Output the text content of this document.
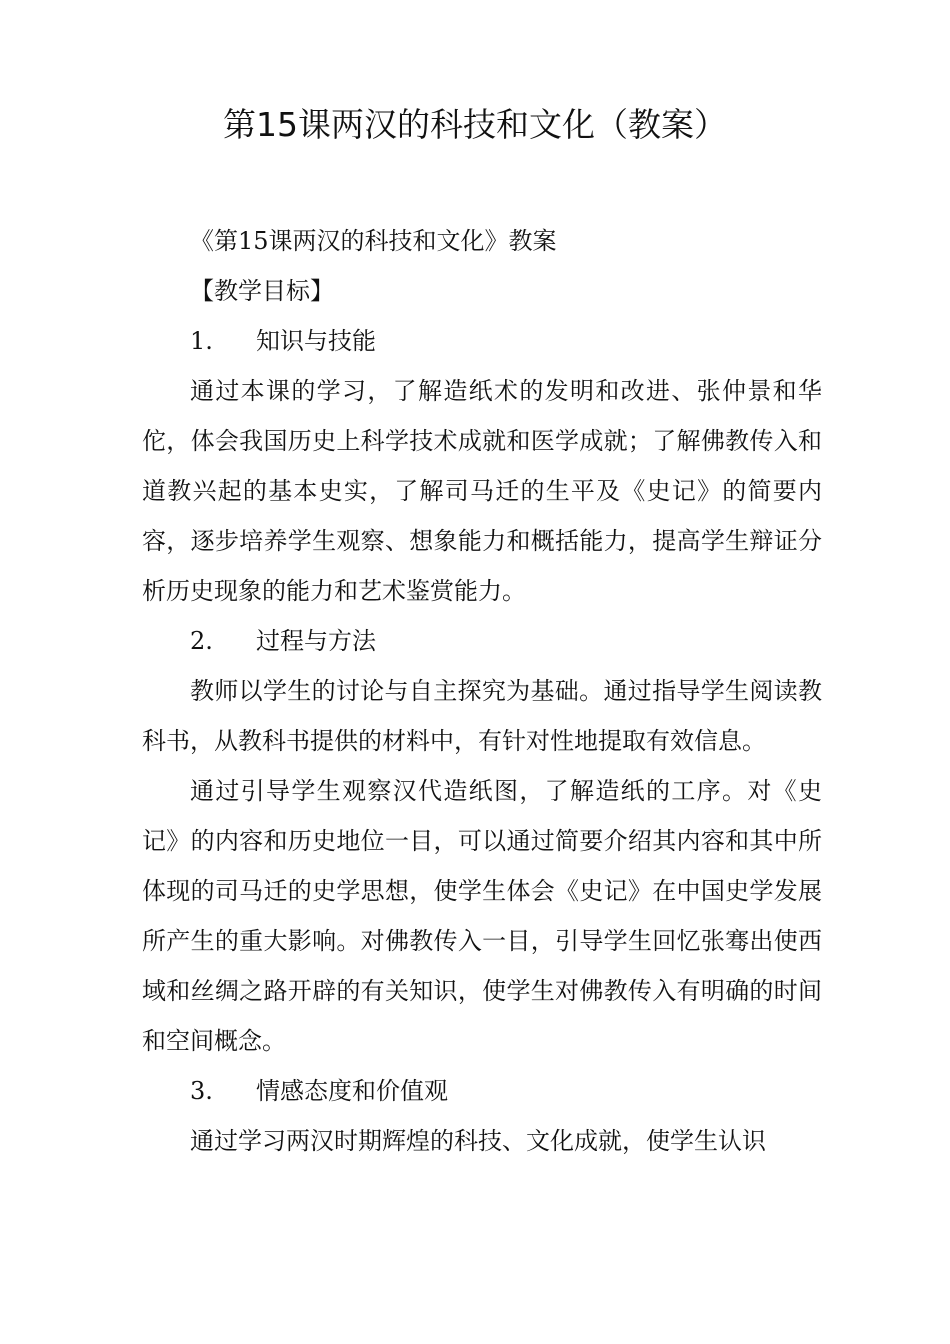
第15课两汉的科技和文化（教案）
《第15课两汉的科技和文化》教案
【教学目标】
1.	知识与技能

通过本课的学习，了解造纸术的发明和改进、张仲景和华佗，体会我国历史上科学技术成就和医学成就；了解佛教传入和道教兴起的基本史实，了解司马迁的生平及《史记》的简要内容，逐步培养学生观察、想象能力和概括能力，提高学生辩证分析历史现象的能力和艺术鉴赏能力。

2.	过程与方法

教师以学生的讨论与自主探究为基础。通过指导学生阅读教科书，从教科书提供的材料中，有针对性地提取有效信息。

通过引导学生观察汉代造纸图，了解造纸的工序。对《史记》的内容和历史地位一目，可以通过简要介绍其内容和其中所体现的司马迁的史学思想，使学生体会《史记》在中国史学发展所产生的重大影响。对佛教传入一目，引导学生回忆张骞出使西域和丝绸之路开辟的有关知识，使学生对佛教传入有明确的时间和空间概念。

3.	情感态度和价值观

通过学习两汉时期辉煌的科技、文化成就，使学生认识
